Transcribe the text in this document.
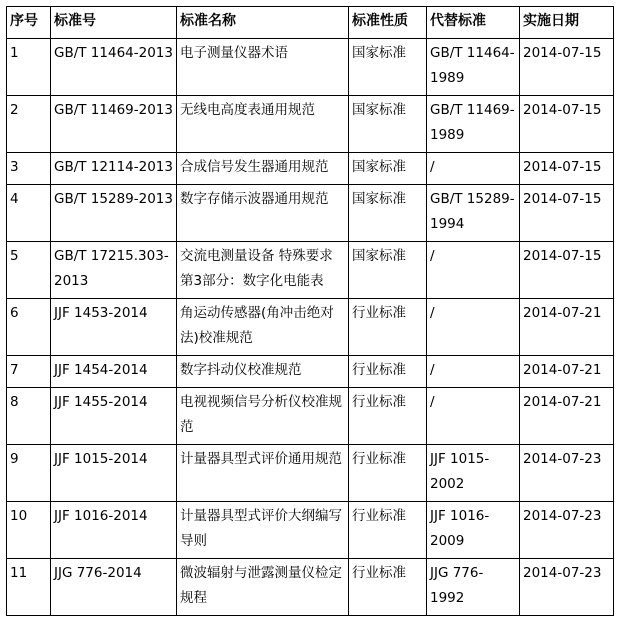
序号	标准号	标准名称	标准性质	代替标准	实施日期
1	GB/T 11464-2013	电子测量仪器术语	国家标准	GB/T 11464-1989	2014-07-15
2	GB/T 11469-2013	无线电高度表通用规范	国家标准	GB/T 11469-1989	2014-07-15
3	GB/T 12114-2013	合成信号发生器通用规范	国家标准	/	2014-07-15
4	GB/T 15289-2013	数字存储示波器通用规范	国家标准	GB/T 15289-1994	2014-07-15
5	GB/T 17215.303-2013	交流电测量设备 特殊要求 第3部分：数字化电能表	国家标准	/	2014-07-15
6	JJF 1453-2014	角运动传感器(角冲击绝对法)校准规范	行业标准	/	2014-07-21
7	JJF 1454-2014	数字抖动仪校准规范	行业标准	/	2014-07-21
8	JJF 1455-2014	电视视频信号分析仪校准规范	行业标准	/	2014-07-21
9	JJF 1015-2014	计量器具型式评价通用规范	行业标准	JJF 1015-2002	2014-07-23
10	JJF 1016-2014	计量器具型式评价大纲编写导则	行业标准	JJF 1016-2009	2014-07-23
11	JJG 776-2014	微波辐射与泄露测量仪检定规程	行业标准	JJG 776-1992	2014-07-23
